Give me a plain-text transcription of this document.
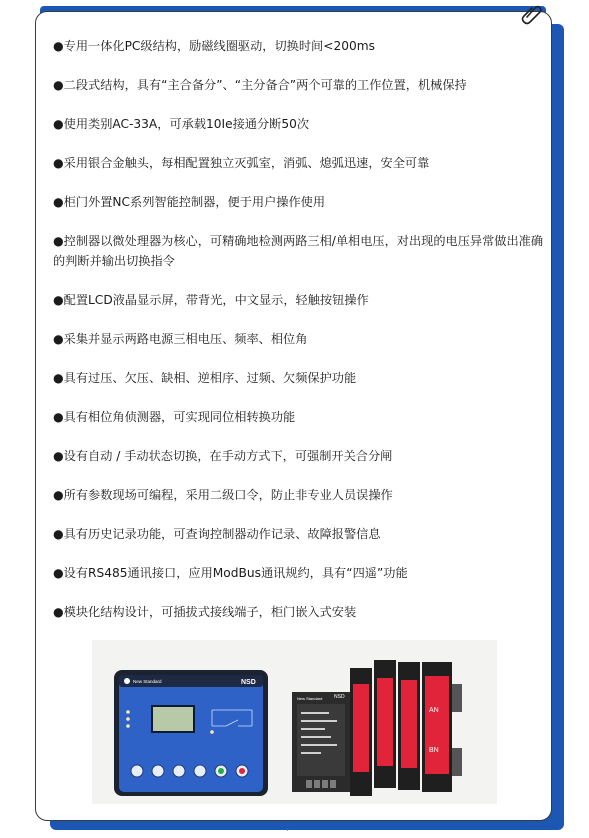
●专用一体化PC级结构，励磁线圈驱动，切换时间<200ms
●二段式结构，具有“主合备分”、“主分备合”两个可靠的工作位置，机械保持
●使用类别AC-33A，可承载10Ie接通分断50次
●采用银合金触头，每相配置独立灭弧室，消弧、熄弧迅速，安全可靠
●柜门外置NC系列智能控制器，便于用户操作使用
●控制器以微处理器为核心，可精确地检测两路三相/单相电压，对出现的电压异常做出准确的判断并输出切换指令
●配置LCD液晶显示屏，带背光，中文显示，轻触按钮操作
●采集并显示两路电源三相电压、频率、相位角
●具有过压、欠压、缺相、逆相序、过频、欠频保护功能
●具有相位角侦测器，可实现同位相转换功能
●设有自动 / 手动状态切换，在手动方式下，可强制开关合分闸
●所有参数现场可编程，采用二级口令，防止非专业人员误操作
●具有历史记录功能，可查询控制器动作记录、故障报警信息
●设有RS485通讯接口，应用ModBus通讯规约，具有“四遥”功能
●模块化结构设计，可插拔式接线端子，柜门嵌入式安装
New Standard	NSD
New Standard NSD
AN
BN
·
